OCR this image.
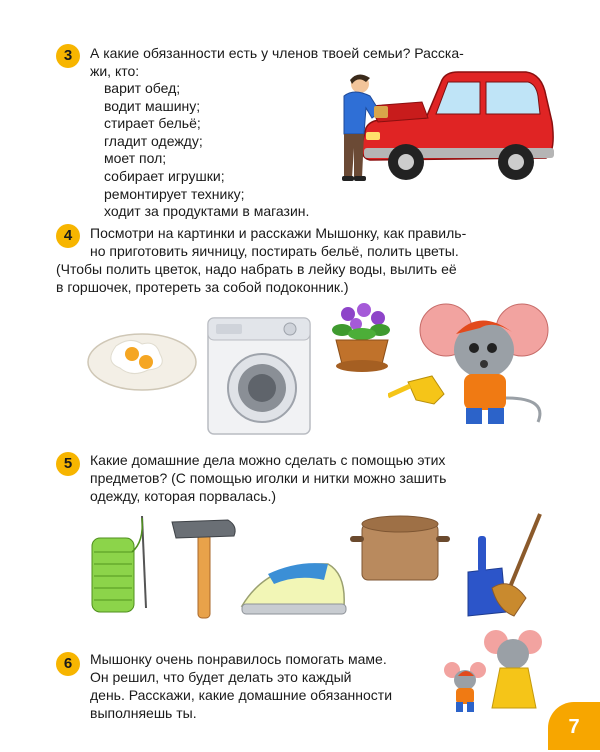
3	А какие обязанности есть у членов твоей семьи? Расска-
жи, кто:

варит обед;
водит машину;
стирает бельё;
гладит одежду;
моет пол;
собирает игрушки;
ремонтирует технику;
ходит за продуктами в магазин.
4	Посмотри на картинки и расскажи Мышонку, как правиль-
но приготовить яичницу, постирать бельё, полить цветы.
(Чтобы полить цветок, надо набрать в лейку воды, вылить её
в горшочек, протереть за собой подоконник.)

5	Какие домашние дела можно сделать с помощью этих
предметов? (С помощью иголки и нитки можно зашить
одежду, которая порвалась.)

6	Мышонку очень понравилось помогать маме.
Он решил, что будет делать это каждый
день. Расскажи, какие домашние обязанности
выполняешь ты.

7
